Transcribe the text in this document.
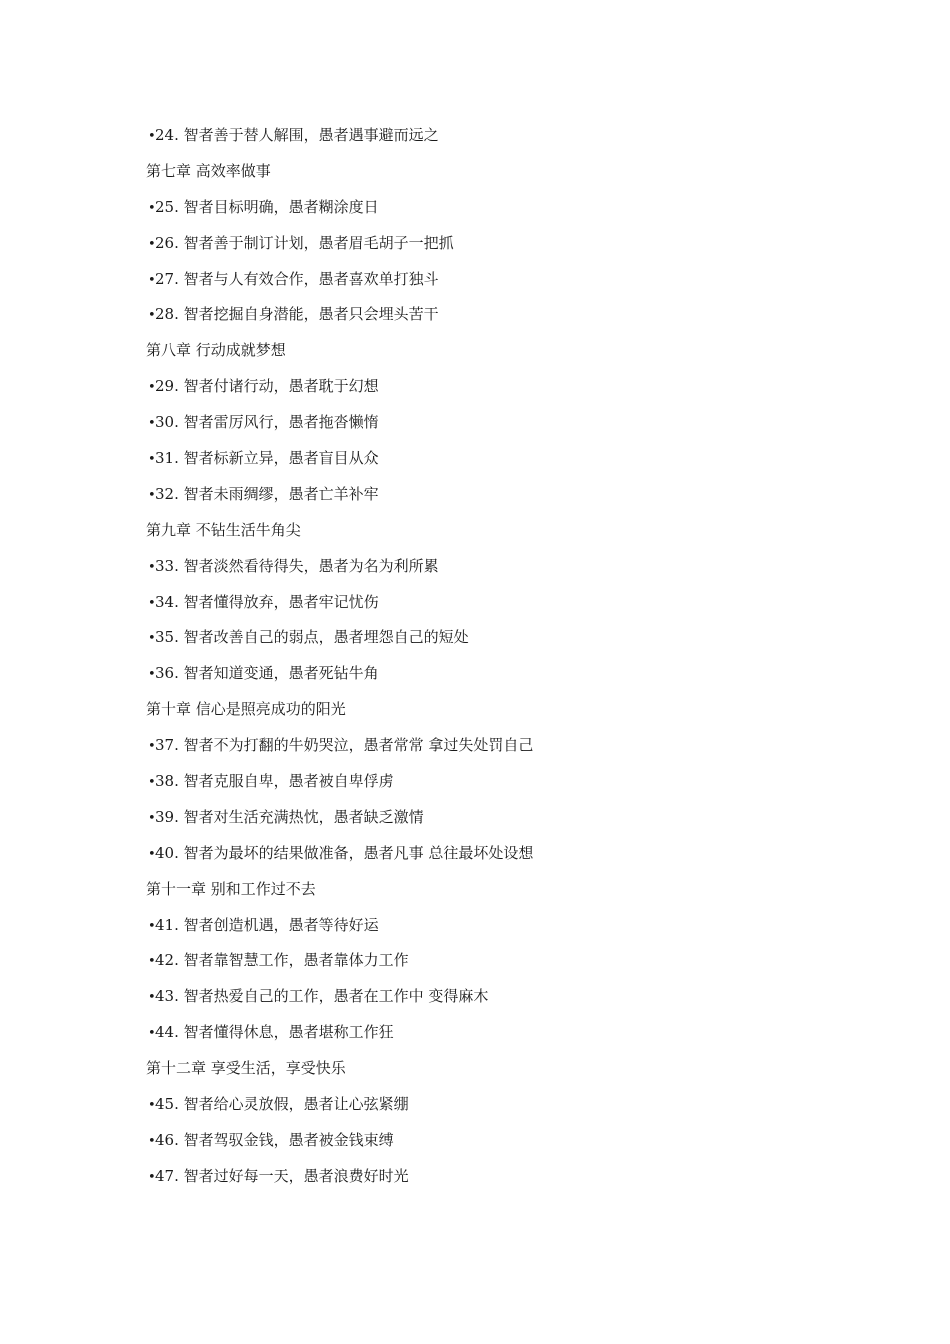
•24. 智者善于替人解围，愚者遇事避而远之
第七章 高效率做事
•25. 智者目标明确，愚者糊涂度日
•26. 智者善于制订计划，愚者眉毛胡子一把抓
•27. 智者与人有效合作，愚者喜欢单打独斗
•28. 智者挖掘自身潜能，愚者只会埋头苦干
第八章 行动成就梦想
•29. 智者付诸行动，愚者耽于幻想
•30. 智者雷厉风行，愚者拖沓懒惰
•31. 智者标新立异，愚者盲目从众
•32. 智者未雨绸缪，愚者亡羊补牢
第九章 不钻生活牛角尖
•33. 智者淡然看待得失，愚者为名为利所累
•34. 智者懂得放弃，愚者牢记忧伤
•35. 智者改善自己的弱点，愚者埋怨自己的短处
•36. 智者知道变通，愚者死钻牛角
第十章 信心是照亮成功的阳光
•37. 智者不为打翻的牛奶哭泣，愚者常常 拿过失处罚自己
•38. 智者克服自卑，愚者被自卑俘虏
•39. 智者对生活充满热忱，愚者缺乏激情
•40. 智者为最坏的结果做准备，愚者凡事 总往最坏处设想
第十一章 别和工作过不去
•41. 智者创造机遇，愚者等待好运
•42. 智者靠智慧工作，愚者靠体力工作
•43. 智者热爱自己的工作，愚者在工作中 变得麻木
•44. 智者懂得休息，愚者堪称工作狂
第十二章 享受生活，享受快乐
•45. 智者给心灵放假，愚者让心弦紧绷
•46. 智者驾驭金钱，愚者被金钱束缚
•47. 智者过好每一天，愚者浪费好时光
